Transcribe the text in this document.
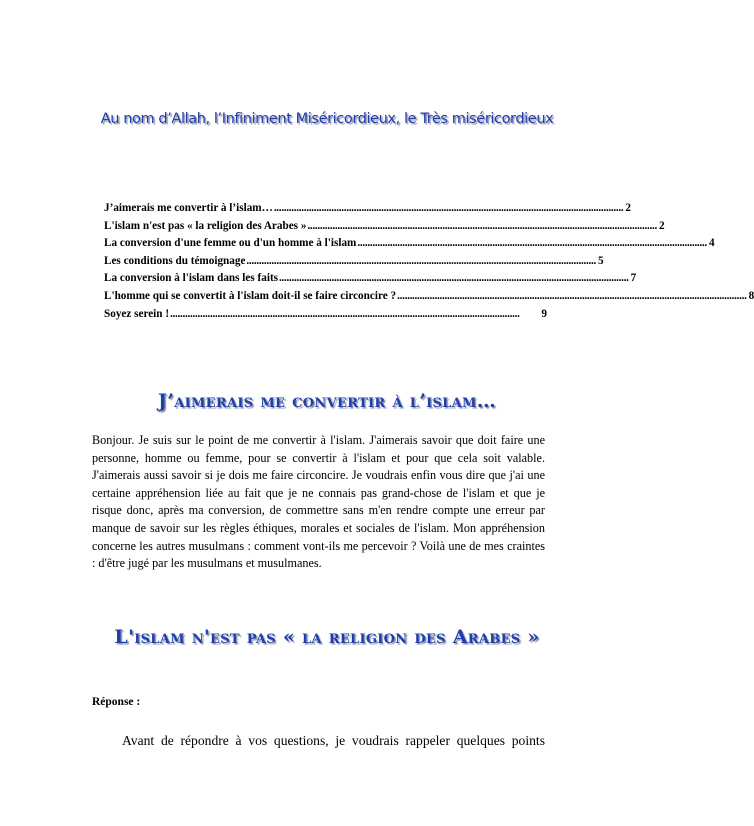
Au nom d’Allah, l’Infiniment Miséricordieux, le Très miséricordieux
J’aimerais me convertir à l’islam… ............................................................................................................................................ 2
L'islam n'est pas « la religion des Arabes » ............................................................................................................................................ 2
La conversion d'une femme ou d'un homme à l'islam ............................................................................................................................................ 4
Les conditions du témoignage ............................................................................................................................................ 5
La conversion à l'islam dans les faits ............................................................................................................................................ 7
L'homme qui se convertit à l'islam doit-il se faire circoncire ? ............................................................................................................................................ 8
Soyez serein ! ............................................................................................................................................	9
J’aimerais me convertir à l’islam…
Bonjour. Je suis sur le point de me convertir à l'islam. J'aimerais savoir que doit faire une personne, homme ou femme, pour se convertir à l'islam et pour que cela soit valable. J'aimerais aussi savoir si je dois me faire circoncire. Je voudrais enfin vous dire que j'ai une certaine appréhension liée au fait que je ne connais pas grand-chose de l'islam et que je risque donc, après ma conversion, de commettre sans m'en rendre compte une erreur par manque de savoir sur les règles éthiques, morales et sociales de l'islam. Mon appréhension concerne les autres musulmans : comment vont-ils me percevoir ? Voilà une de mes craintes : d'être jugé par les musulmans et musulmanes.
L'islam n'est pas « la religion des Arabes »
Réponse :
Avant de répondre à vos questions, je voudrais rappeler quelques points
